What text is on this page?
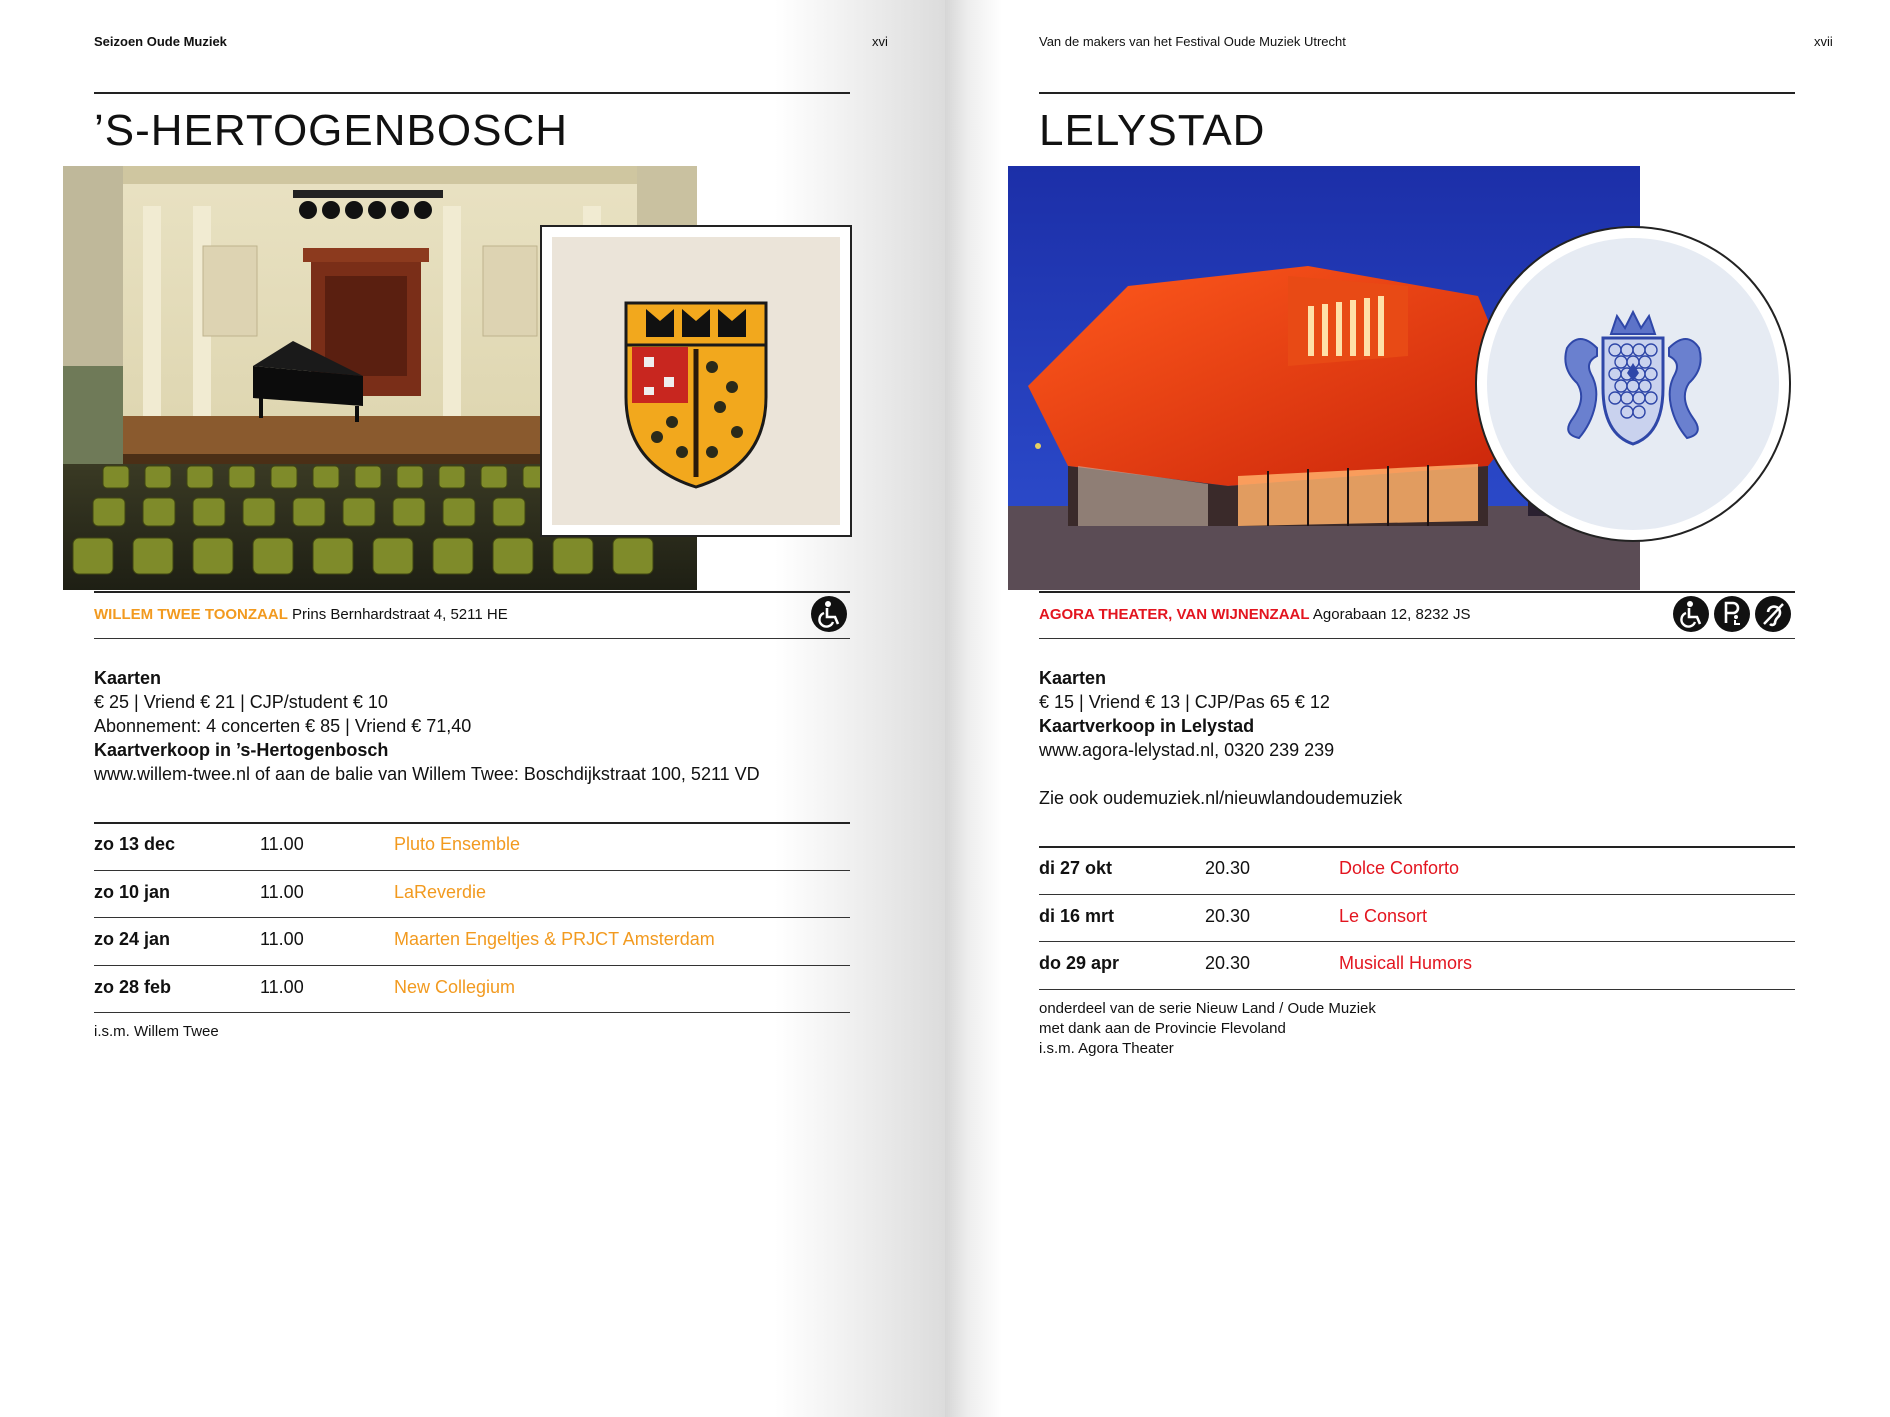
Seizoen Oude Muziek	xvi
’S-HERTOGENBOSCH
WILLEM TWEE TOONZAAL Prins Bernhardstraat 4, 5211 HE
Kaarten
€ 25 | Vriend € 21 | CJP/student € 10
Abonnement: 4 concerten € 85 | Vriend € 71,40
Kaartverkoop in ’s-Hertogenbosch
www.willem-twee.nl of aan de balie van Willem Twee: Boschdijkstraat 100, 5211 VD
zo 13 dec	11.00	Pluto Ensemble
zo 10 jan	11.00	LaReverdie
zo 24 jan	11.00	Maarten Engeltjes & PRJCT Amsterdam
zo 28 feb	11.00	New Collegium
i.s.m. Willem Twee
Van de makers van het Festival Oude Muziek Utrecht	xvii
LELYSTAD
AGORA THEATER, VAN WIJNENZAAL Agorabaan 12, 8232 JS
Kaarten
€ 15 | Vriend € 13 | CJP/Pas 65 € 12
Kaartverkoop in Lelystad
www.agora-lelystad.nl, 0320 239 239
Zie ook oudemuziek.nl/nieuwlandoudemuziek
di 27 okt	20.30	Dolce Conforto
di 16 mrt	20.30	Le Consort
do 29 apr	20.30	Musicall Humors
onderdeel van de serie Nieuw Land / Oude Muziek
met dank aan de Provincie Flevoland
i.s.m. Agora Theater
